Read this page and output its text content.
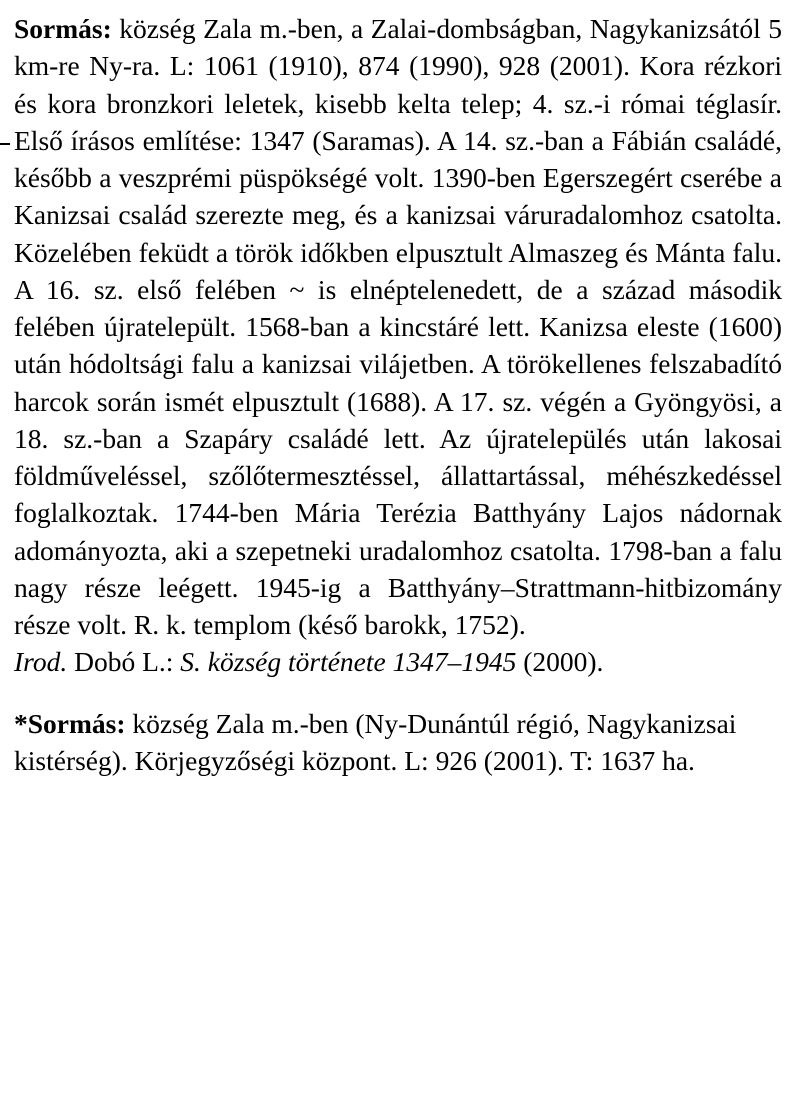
Sormás: község Zala m.-ben, a Zalai-dombságban, Nagykanizsától 5 km-re Ny-ra. L: 1061 (1910), 874 (1990), 928 (2001). Kora rézkori és kora bronzkori leletek, kisebb kelta telep; 4. sz.-i római téglasír. Első írásos említése: 1347 (Saramas). A 14. sz.-ban a Fábián családé, később a veszprémi püspökségé volt. 1390-ben Egerszegért cserébe a Kanizsai család szerezte meg, és a kanizsai váruradalomhoz csatolta. Közelében feküdt a török időkben elpusztult Almaszeg és Mánta falu. A 16. sz. első felében ~ is elnéptelenedett, de a század második felében újratelepült. 1568-ban a kincstáré lett. Kanizsa eleste (1600) után hódoltsági falu a kanizsai vilájetben. A törökellenes felszabadító harcok során ismét elpusztult (1688). A 17. sz. végén a Gyöngyösi, a 18. sz.-ban a Szapáry családé lett. Az újratelepülés után lakosai földműveléssel, szőlőtermesztéssel, állattartással, méhészkedéssel foglalkoztak. 1744-ben Mária Terézia Batthyány Lajos nádornak adományozta, aki a szepetneki uradalomhoz csatolta. 1798-ban a falu nagy része leégett. 1945-ig a Batthyány–Strattmann-hitbizomány része volt. R. k. templom (késő barokk, 1752).

Irod. Dobó L.: S. község története 1347–1945 (2000).

*Sormás: község Zala m.-ben (Ny-Dunántúl régió, Nagykanizsai kistérség). Körjegyzőségi központ. L: 926 (2001). T: 1637 ha.
